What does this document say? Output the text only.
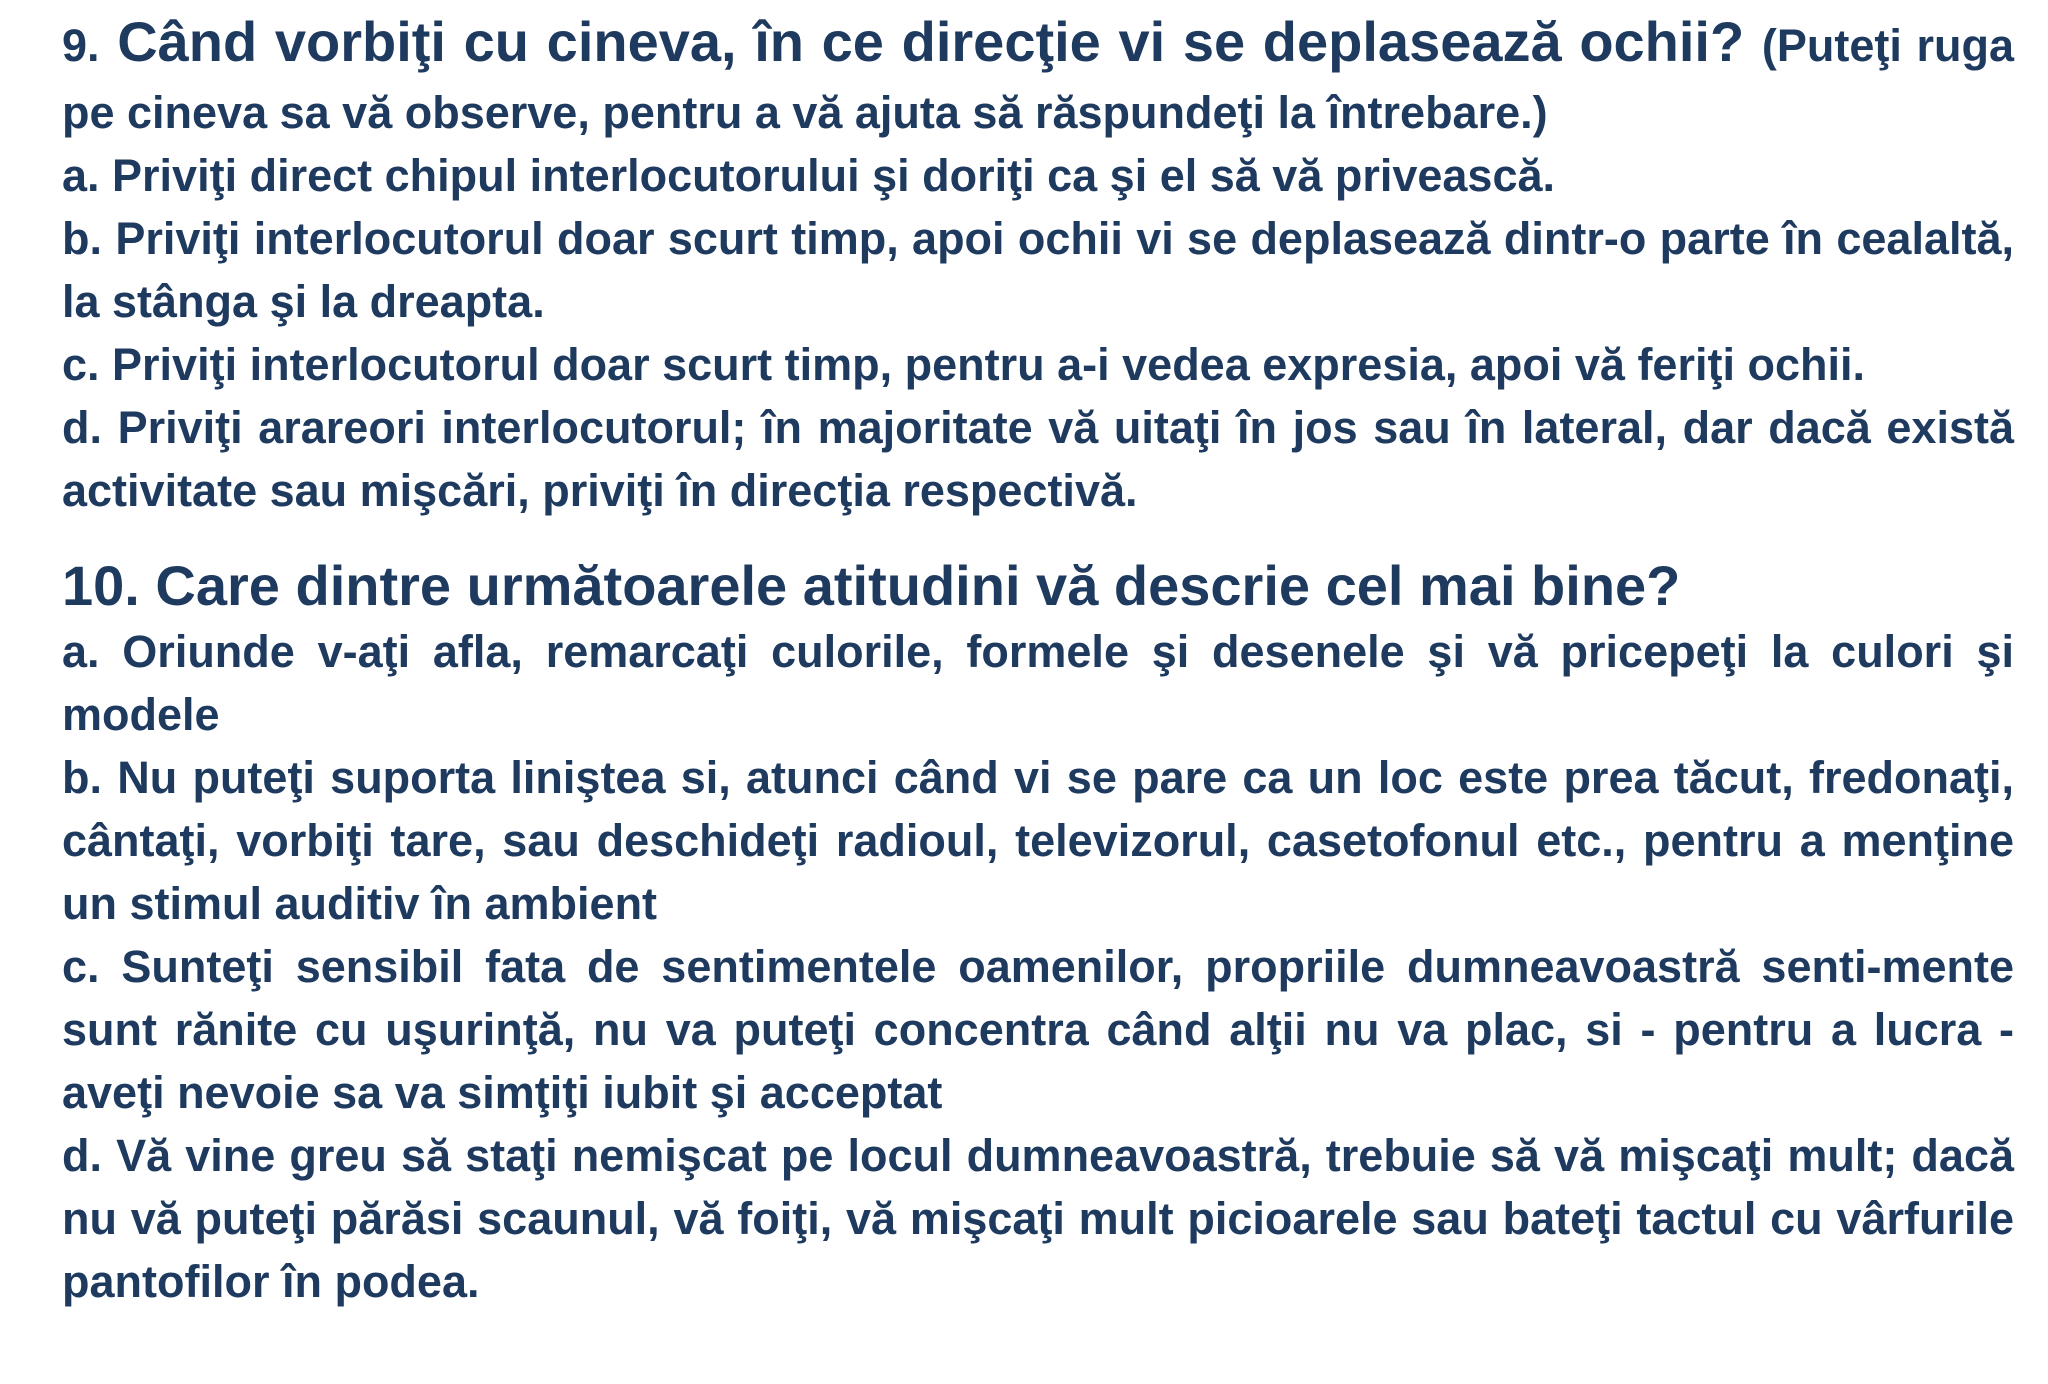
9. Când vorbiţi cu cineva, în ce direcţie vi se deplasează ochii? (Puteţi ruga pe cineva sa vă observe, pentru a vă ajuta să răspundeţi la întrebare.)

a. Priviţi direct chipul interlocutorului şi doriţi ca şi el să vă privească.

b. Priviţi interlocutorul doar scurt timp, apoi ochii vi se deplasează dintr-o parte în cealaltă, la stânga şi la dreapta.

c. Priviţi interlocutorul doar scurt timp, pentru a-i vedea expresia, apoi vă feriţi ochii.

d. Priviţi arareori interlocutorul; în majoritate vă uitaţi în jos sau în lateral, dar dacă există activitate sau mişcări, priviţi în direcţia respectivă.

10. Care dintre următoarele atitudini vă descrie cel mai bine?

a. Oriunde v-aţi afla, remarcaţi culorile, formele şi desenele şi vă pricepeţi la culori şi modele

b. Nu puteţi suporta liniştea si, atunci când vi se pare ca un loc este prea tăcut, fredonaţi, cântaţi, vorbiţi tare, sau deschideţi radioul, televizorul, casetofonul etc., pentru a menţine un stimul auditiv în ambient

c. Sunteţi sensibil fata de sentimentele oamenilor, propriile dumneavoastră senti-mente sunt rănite cu uşurinţă, nu va puteţi concentra când alţii nu va plac, si - pentru a lucra - aveţi nevoie sa va simţiţi iubit şi acceptat

d. Vă vine greu să staţi nemişcat pe locul dumneavoastră, trebuie să vă mişcaţi mult; dacă nu vă puteţi părăsi scaunul, vă foiţi, vă mişcaţi mult picioarele sau bateţi tactul cu vârfurile pantofilor în podea.
